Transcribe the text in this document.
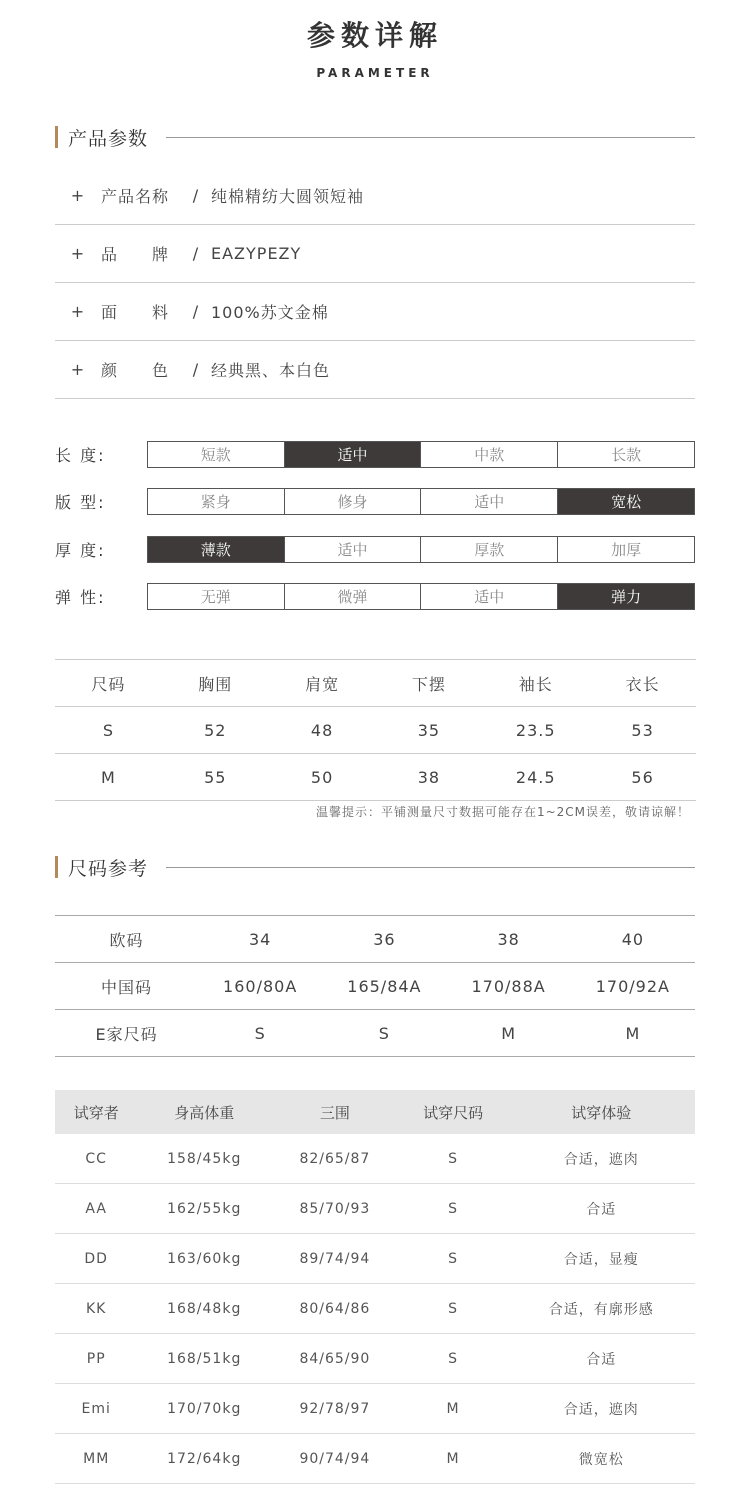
参数详解
PARAMETER
产品参数
+ 产品名称	/ 纯棉精纺大圆领短袖
+ 品　　牌	/ EAZYPEZY
+ 面　　料	/ 100%苏文金棉
+ 颜　　色	/ 经典黑、本白色
长 度:	短款	适中	中款	长款
版 型:	紧身	修身	适中	宽松
厚 度:	薄款	适中	厚款	加厚
弹 性:	无弹	微弹	适中	弹力
尺码	胸围	肩宽	下摆	袖长	衣长
S	52	48	35	23.5	53
M	55	50	38	24.5	56
温馨提示：平铺测量尺寸数据可能存在1~2CM误差，敬请谅解！
尺码参考
欧码	34	36	38	40
中国码	160/80A	165/84A	170/88A	170/92A
E家尺码	S	S	M	M
试穿者	身高体重	三围	试穿尺码	试穿体验
CC	158/45kg	82/65/87	S	合适，遮肉
AA	162/55kg	85/70/93	S	合适
DD	163/60kg	89/74/94	S	合适，显瘦
KK	168/48kg	80/64/86	S	合适，有廓形感
PP	168/51kg	84/65/90	S	合适
Emi	170/70kg	92/78/97	M	合适，遮肉
MM	172/64kg	90/74/94	M	微宽松
